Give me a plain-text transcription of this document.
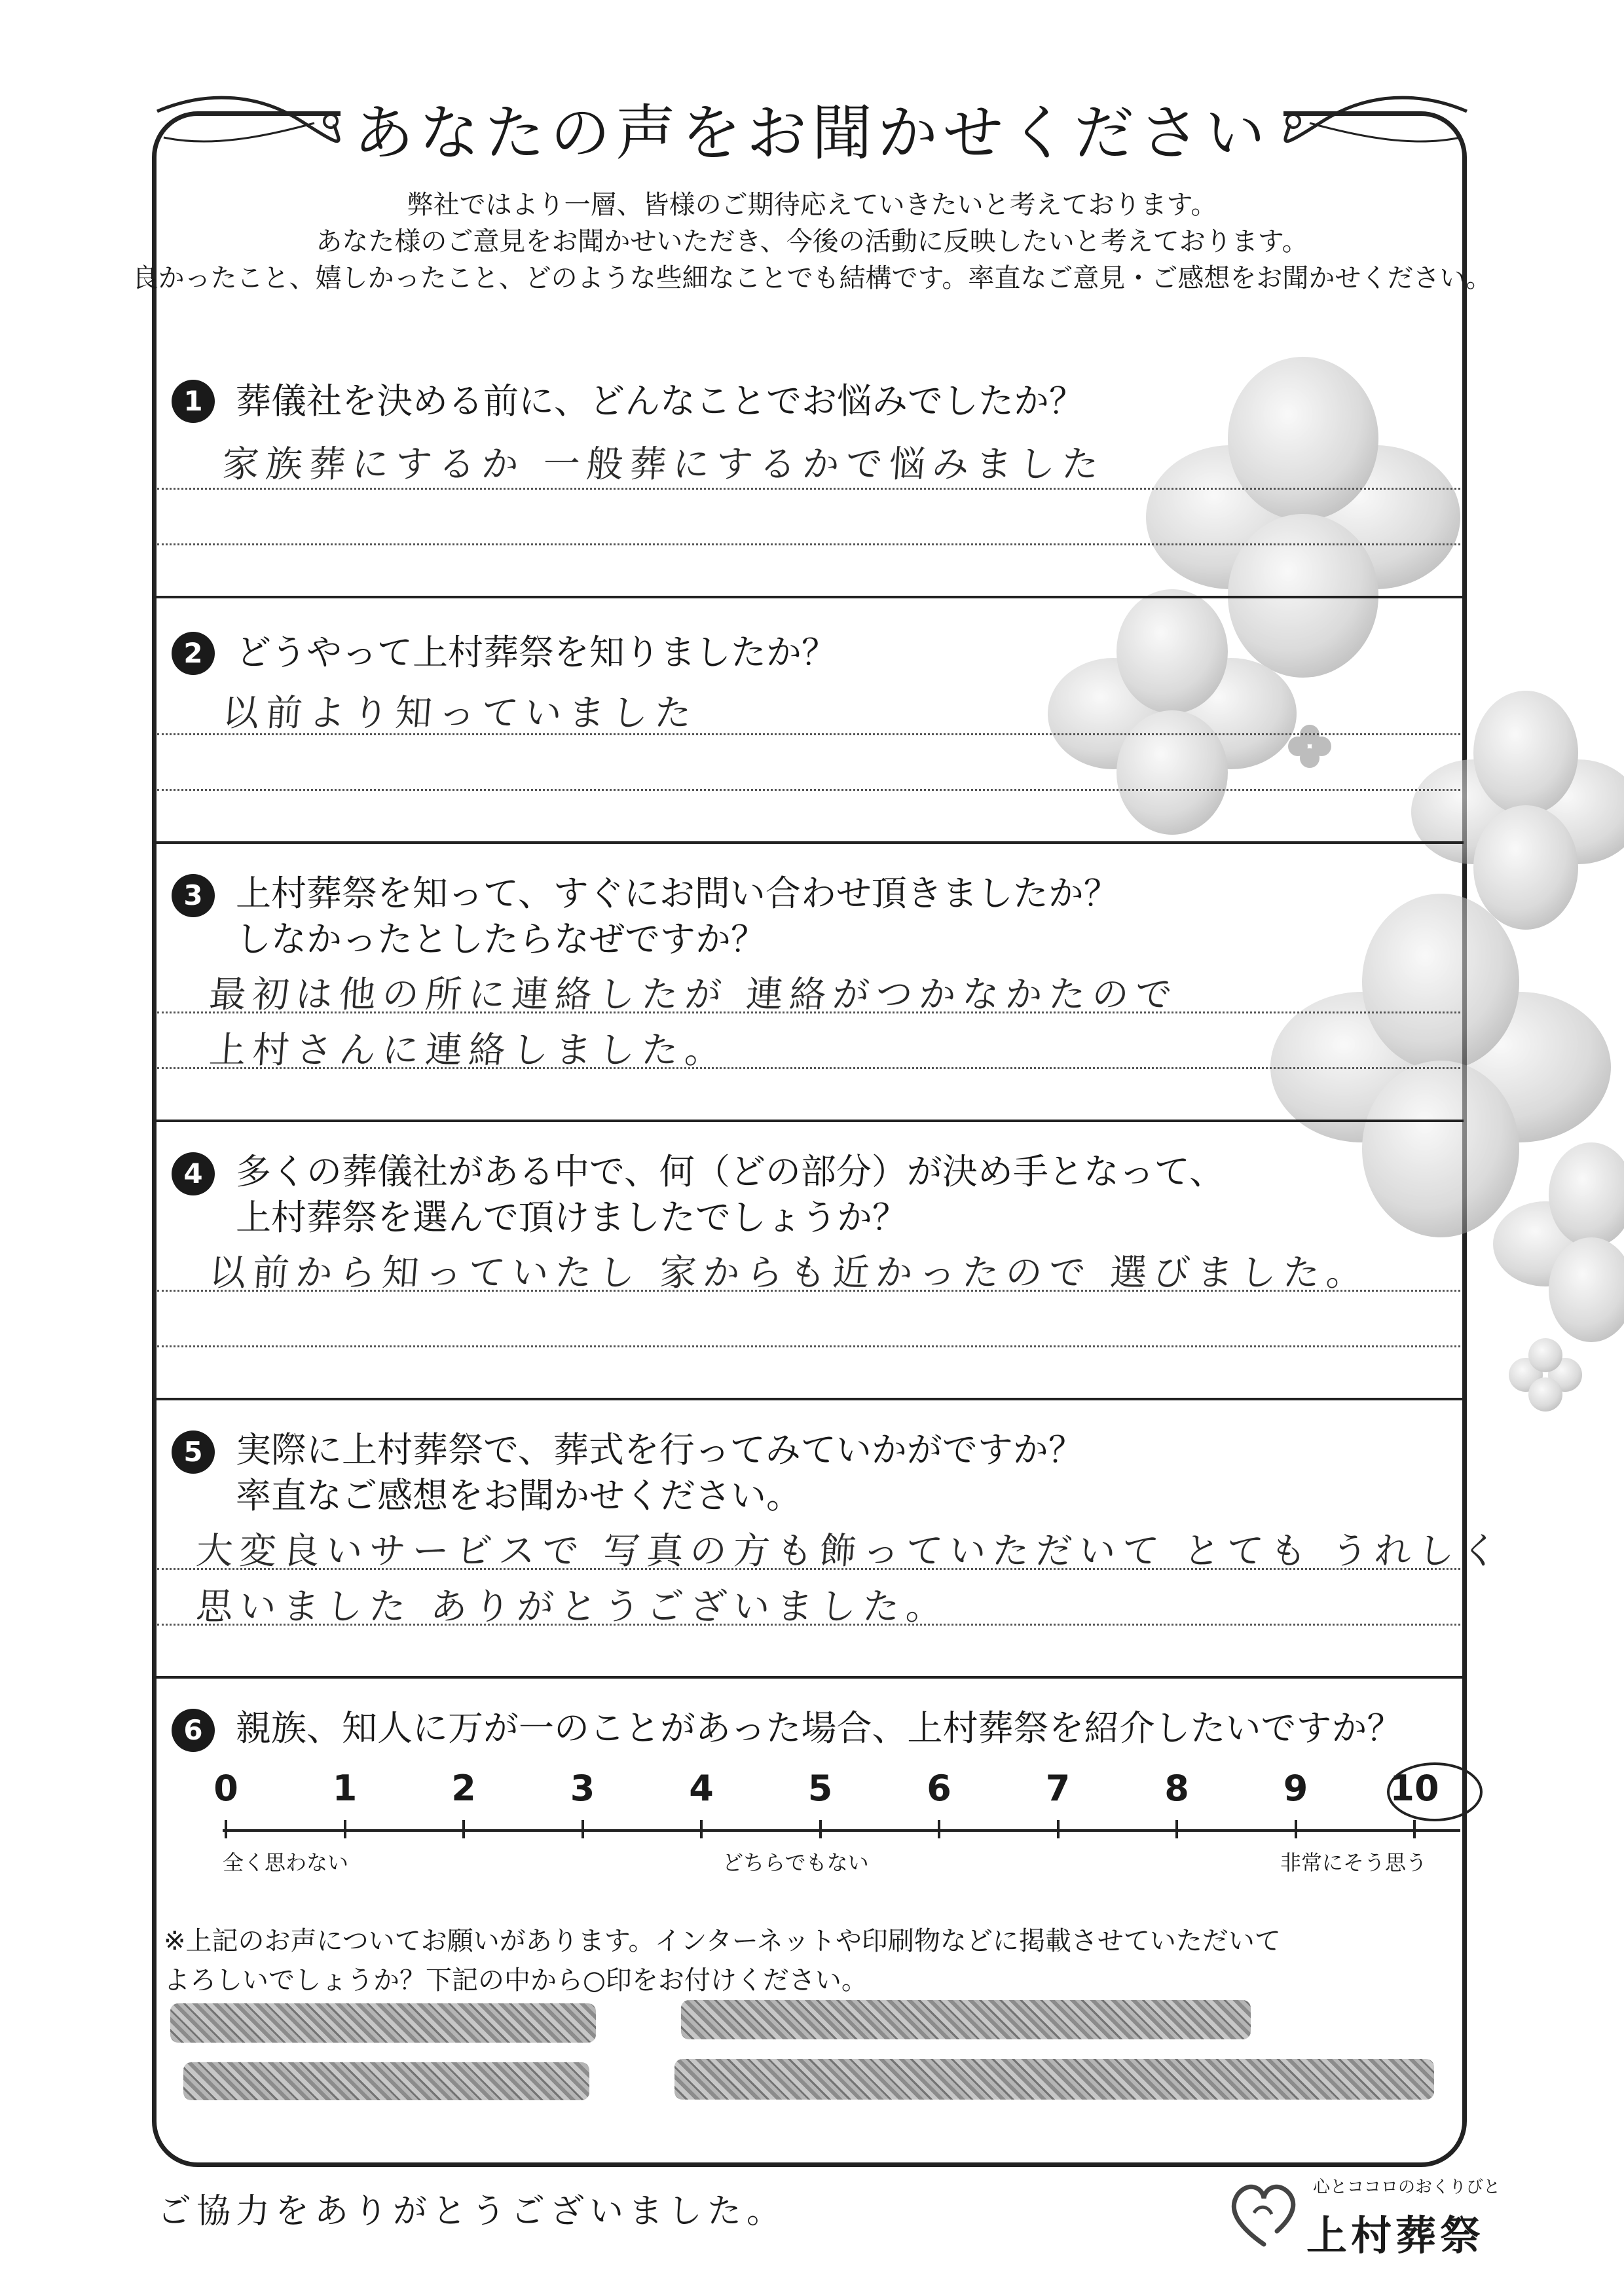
あなたの声をお聞かせください
弊社ではより一層、皆様のご期待応えていきたいと考えております。
あなた様のご意見をお聞かせいただき、今後の活動に反映したいと考えております。
良かったこと、嬉しかったこと、どのような些細なことでも結構です。率直なご意見・ご感想をお聞かせください。
1 葬儀社を決める前に、どんなことでお悩みでしたか？
家族葬にするか 一般葬にするかで悩みました
2 どうやって上村葬祭を知りましたか？
以前より知っていました
3 上村葬祭を知って、すぐにお問い合わせ頂きましたか？
しなかったとしたらなぜですか？
最初は他の所に連絡したが 連絡がつかなかたので
上村さんに連絡しました。
4 多くの葬儀社がある中で、何（どの部分）が決め手となって、
上村葬祭を選んで頂けましたでしょうか？
以前から知っていたし 家からも近かったので 選びました。
5 実際に上村葬祭で、葬式を行ってみていかがですか？
率直なご感想をお聞かせください。
大変良いサービスで 写真の方も飾っていただいて とても うれしく
思いました ありがとうございました。
6 親族、知人に万が一のことがあった場合、上村葬祭を紹介したいですか？
0	1	2	3	4	5	6	7	8	9	10
全く思わない	どちらでもない	非常にそう思う
※上記のお声についてお願いがあります。インターネットや印刷物などに掲載させていただいて
よろしいでしょうか？下記の中から○印をお付けください。
ご協力をありがとうございました。
心とココロのおくりびと
上村葬祭
